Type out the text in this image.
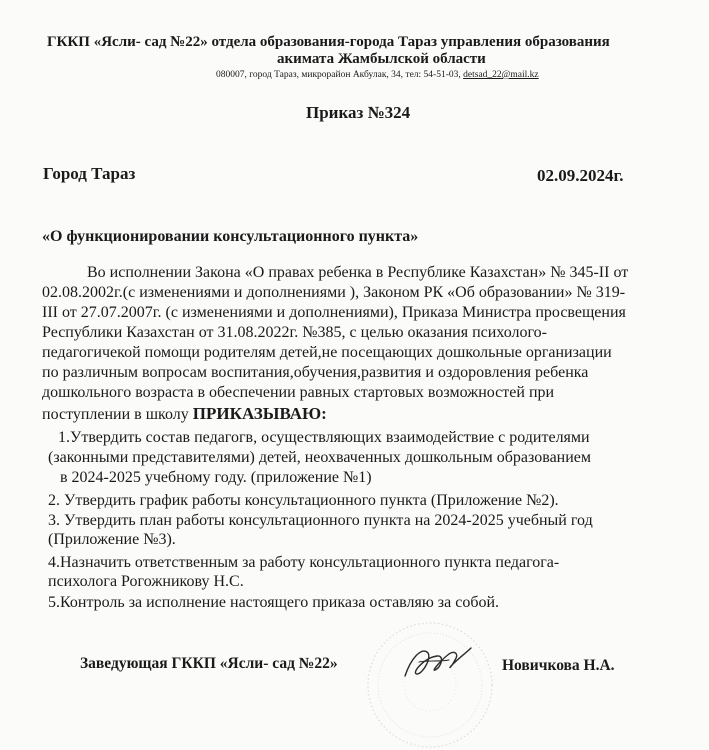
ГККП «Ясли- сад №22» отдела образования-города Тараз управления образования
акимата Жамбылской области
080007, город Тараз, микрорайон Акбулак, 34, тел: 54-51-03, detsad_22@mail.kz
Приказ №324
Город Тараз	02.09.2024г.
«О функционировании консультационного пункта»
Во исполнении Закона «О правах ребенка в Республике Казахстан» № 345-II от
02.08.2002г.(с изменениями и дополнениями ), Законом РК «Об образовании» № 319-
III от 27.07.2007г. (с изменениями и дополнениями), Приказа Министра просвещения
Республики Казахстан от 31.08.2022г. №385, с целью оказания психолого-
педагогичекой помощи родителям детей,не посещающих дошкольные организации
по различным вопросам воспитания,обучения,развития и оздоровления ребенка
дошкольного возраста в обеспечении равных стартовых возможностей при
поступлении в школу ПРИКАЗЫВАЮ:
1.Утвердить состав педагогв, осуществляющих взаимодействие с родителями
(законными представителями) детей, неохваченных дошкольным образованием
в 2024-2025 учебному году. (приложение №1)
2. Утвердить график работы консультационного пункта (Приложение №2).
3. Утвердить план работы консультационного пункта на 2024-2025 учебный год
(Приложение №3).
4.Назначить ответственным за работу консультационного пункта педагога-
психолога Рогожникову Н.С.
5.Контроль за исполнение настоящего приказа оставляю за собой.
Заведующая ГККП «Ясли- сад №22»	Новичкова Н.А.
